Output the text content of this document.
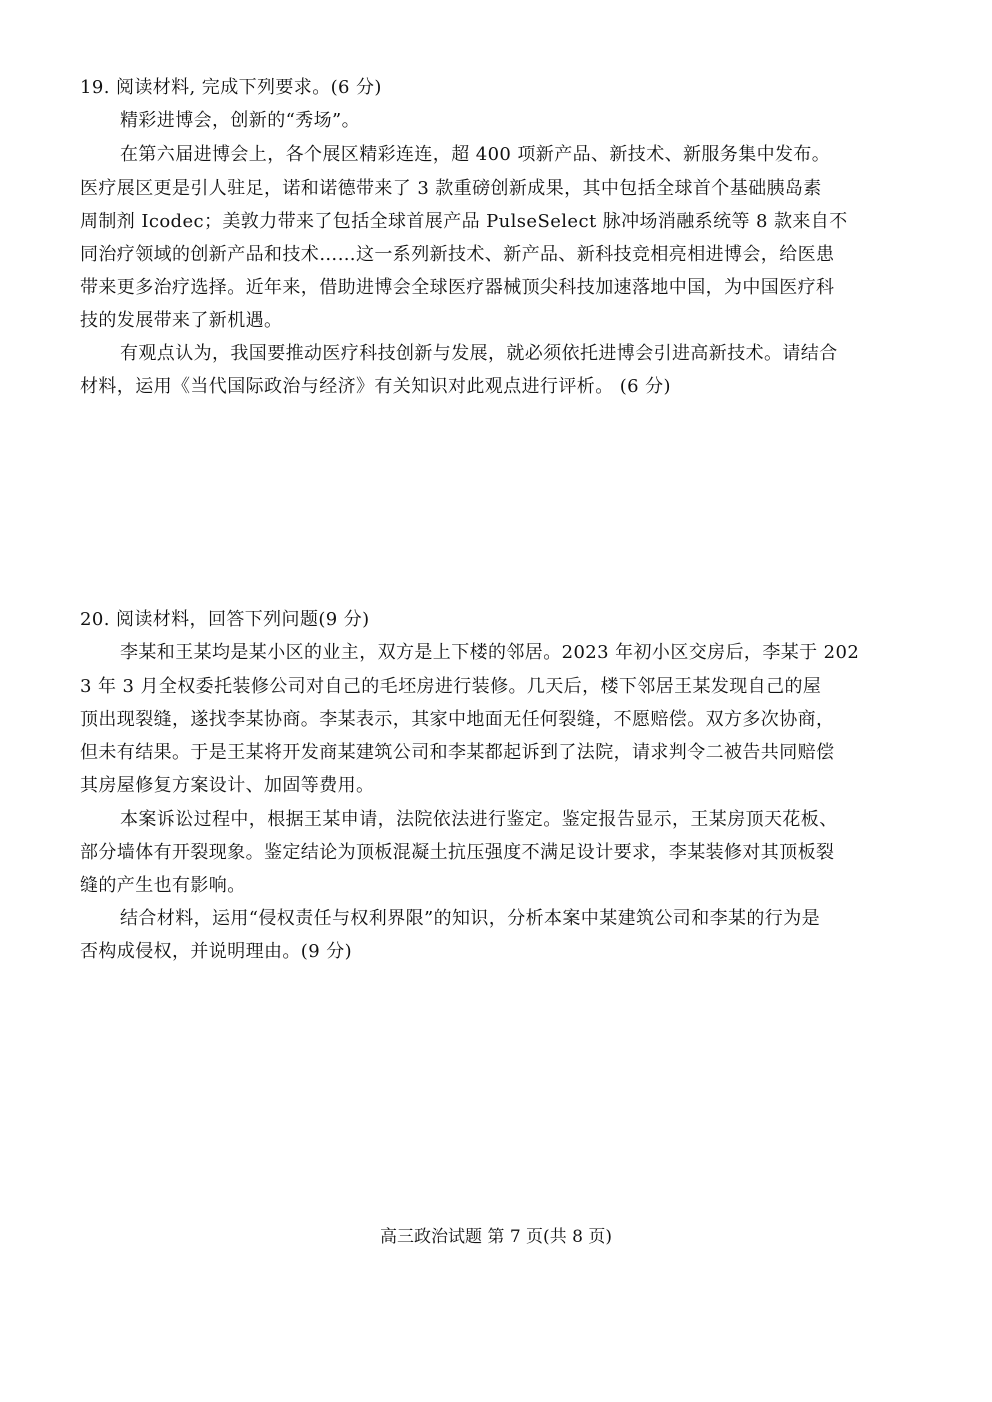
19. 阅读材料, 完成下列要求。(6 分)
精彩进博会，创新的“秀场”。
在第六届进博会上，各个展区精彩连连，超 400 项新产品、新技术、新服务集中发布。
医疗展区更是引人驻足，诺和诺德带来了 3 款重磅创新成果，其中包括全球首个基础胰岛素
周制剂 Icodec；美敦力带来了包括全球首展产品 PulseSelect 脉冲场消融系统等 8 款来自不
同治疗领域的创新产品和技术……这一系列新技术、新产品、新科技竞相亮相进博会，给医患
带来更多治疗选择。近年来，借助进博会全球医疗器械顶尖科技加速落地中国，为中国医疗科
技的发展带来了新机遇。
有观点认为，我国要推动医疗科技创新与发展，就必须依托进博会引进高新技术。请结合
材料，运用《当代国际政治与经济》有关知识对此观点进行评析。 (6 分)
20. 阅读材料，回答下列问题(9 分)
李某和王某均是某小区的业主，双方是上下楼的邻居。2023 年初小区交房后，李某于 202
3 年 3 月全权委托装修公司对自己的毛坯房进行装修。几天后，楼下邻居王某发现自己的屋
顶出现裂缝，遂找李某协商。李某表示，其家中地面无任何裂缝，不愿赔偿。双方多次协商，
但未有结果。于是王某将开发商某建筑公司和李某都起诉到了法院，请求判令二被告共同赔偿
其房屋修复方案设计、加固等费用。
本案诉讼过程中，根据王某申请，法院依法进行鉴定。鉴定报告显示，王某房顶天花板、
部分墙体有开裂现象。鉴定结论为顶板混凝土抗压强度不满足设计要求，李某装修对其顶板裂
缝的产生也有影响。
结合材料，运用“侵权责任与权利界限”的知识，分析本案中某建筑公司和李某的行为是
否构成侵权，并说明理由。(9 分)
高三政治试题 第 7 页(共 8 页)
